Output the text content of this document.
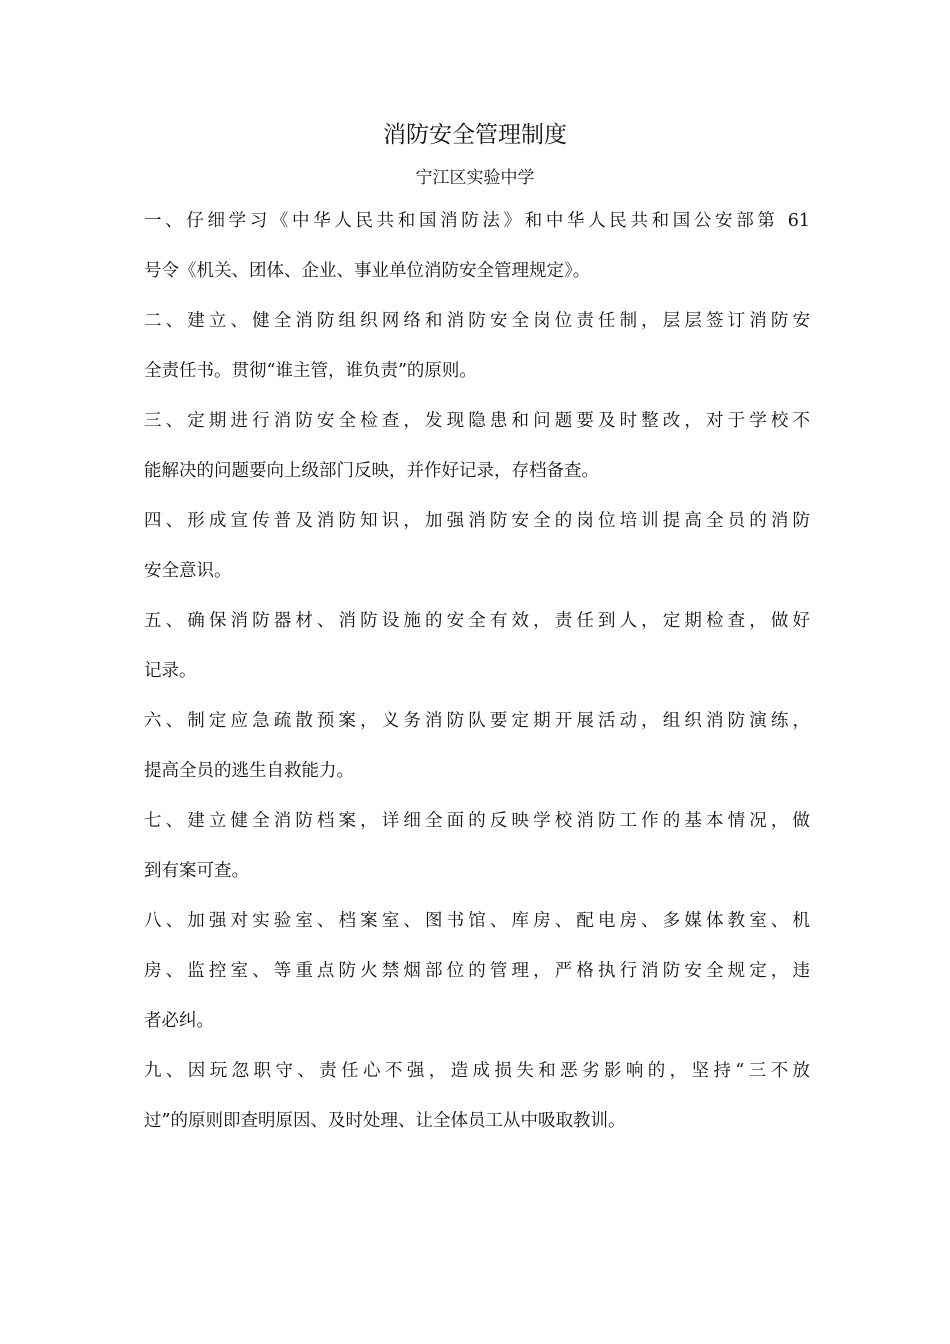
消防安全管理制度
宁江区实验中学
一、仔细学习《中华人民共和国消防法》和中华人民共和国公安部第 61
号令《机关、团体、企业、事业单位消防安全管理规定》。
二、建立、健全消防组织网络和消防安全岗位责任制，层层签订消防安
全责任书。贯彻“谁主管，谁负责”的原则。
三、定期进行消防安全检查，发现隐患和问题要及时整改，对于学校不
能解决的问题要向上级部门反映，并作好记录，存档备查。
四、形成宣传普及消防知识，加强消防安全的岗位培训提高全员的消防
安全意识。
五、确保消防器材、消防设施的安全有效，责任到人，定期检查，做好
记录。
六、制定应急疏散预案，义务消防队要定期开展活动，组织消防演练，
提高全员的逃生自救能力。
七、建立健全消防档案，详细全面的反映学校消防工作的基本情况，做
到有案可查。
八、加强对实验室、档案室、图书馆、库房、配电房、多媒体教室、机
房、监控室、等重点防火禁烟部位的管理，严格执行消防安全规定，违
者必纠。
九、因玩忽职守、责任心不强，造成损失和恶劣影响的，坚持“三不放
过”的原则即查明原因、及时处理、让全体员工从中吸取教训。
